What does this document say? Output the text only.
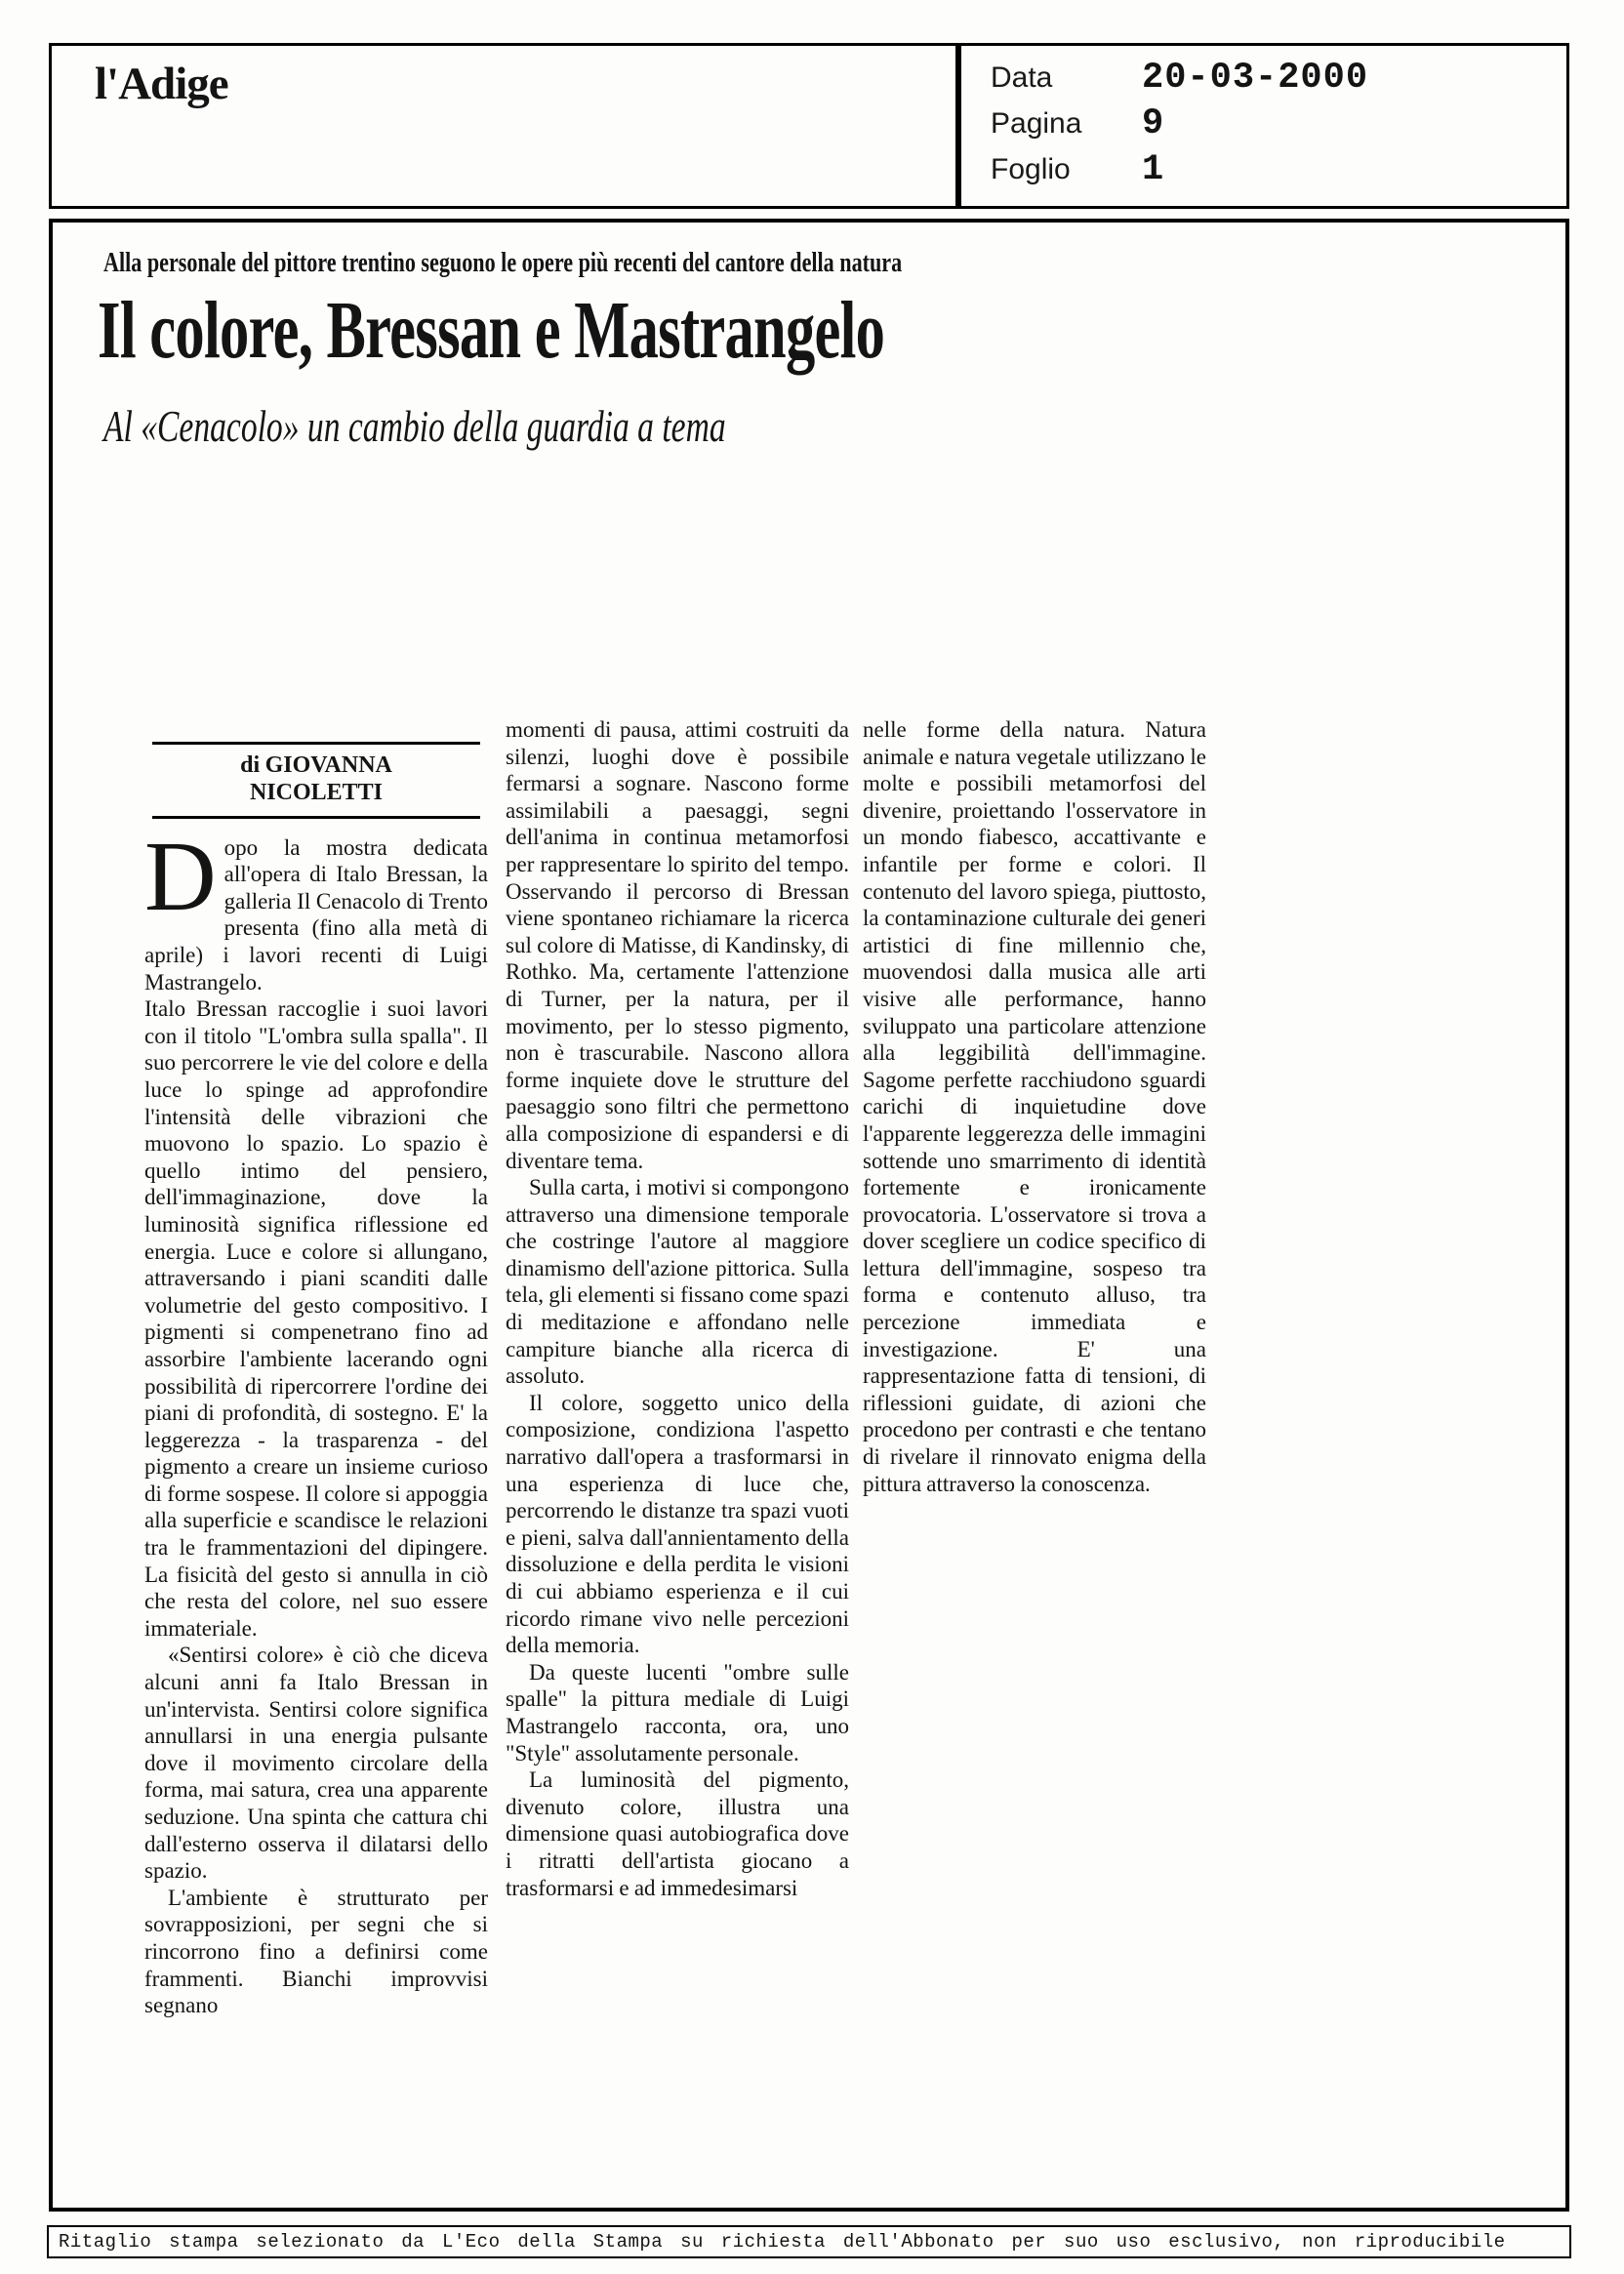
l'Adige	Data	20-03-2000
Pagina	9
Foglio	1
Alla personale del pittore trentino seguono le opere più recenti del cantore della natura
Il colore, Bressan e Mastrangelo
Al «Cenacolo» un cambio della guardia a tema
di GIOVANNA
NICOLETTI

Dopo la mostra dedicata all'opera di Italo Bressan, la galleria Il Cenacolo di Trento presenta (fino alla metà di aprile) i lavori recenti di Luigi Mastrangelo.

Italo Bressan raccoglie i suoi lavori con il titolo "L'ombra sulla spalla". Il suo percorrere le vie del colore e della luce lo spinge ad approfondire l'intensità delle vibrazioni che muovono lo spazio. Lo spazio è quello intimo del pensiero, dell'immaginazione, dove la luminosità significa riflessione ed energia. Luce e colore si allungano, attraversando i piani scanditi dalle volumetrie del gesto compositivo. I pigmenti si compenetrano fino ad assorbire l'ambiente lacerando ogni possibilità di ripercorrere l'ordine dei piani di profondità, di sostegno. E' la leggerezza - la trasparenza - del pigmento a creare un insieme curioso di forme sospese. Il colore si appoggia alla superficie e scandisce le relazioni tra le frammentazioni del dipingere. La fisicità del gesto si annulla in ciò che resta del colore, nel suo essere immateriale.

«Sentirsi colore» è ciò che diceva alcuni anni fa Italo Bressan in un'intervista. Sentirsi colore significa annullarsi in una energia pulsante dove il movimento circolare della forma, mai satura, crea una apparente seduzione. Una spinta che cattura chi dall'esterno osserva il dilatarsi dello spazio.

L'ambiente è strutturato per sovrapposizioni, per segni che si rincorrono fino a definirsi come frammenti. Bianchi improvvisi segnano

momenti di pausa, attimi costruiti da silenzi, luoghi dove è possibile fermarsi a sognare. Nascono forme assimilabili a paesaggi, segni dell'anima in continua metamorfosi per rappresentare lo spirito del tempo. Osservando il percorso di Bressan viene spontaneo richiamare la ricerca sul colore di Matisse, di Kandinsky, di Rothko. Ma, certamente l'attenzione di Turner, per la natura, per il movimento, per lo stesso pigmento, non è trascurabile. Nascono allora forme inquiete dove le strutture del paesaggio sono filtri che permettono alla composizione di espandersi e di diventare tema.

Sulla carta, i motivi si compongono attraverso una dimensione temporale che costringe l'autore al maggiore dinamismo dell'azione pittorica. Sulla tela, gli elementi si fissano come spazi di meditazione e affondano nelle campiture bianche alla ricerca di assoluto.

Il colore, soggetto unico della composizione, condiziona l'aspetto narrativo dall'opera a trasformarsi in una esperienza di luce che, percorrendo le distanze tra spazi vuoti e pieni, salva dall'annientamento della dissoluzione e della perdita le visioni di cui abbiamo esperienza e il cui ricordo rimane vivo nelle percezioni della memoria.

Da queste lucenti "ombre sulle spalle" la pittura mediale di Luigi Mastrangelo racconta, ora, uno "Style" assolutamente personale.

La luminosità del pigmento, divenuto colore, illustra una dimensione quasi autobiografica dove i ritratti dell'artista giocano a trasformarsi e ad immedesimarsi

nelle forme della natura. Natura animale e natura vegetale utilizzano le molte e possibili metamorfosi del divenire, proiettando l'osservatore in un mondo fiabesco, accattivante e infantile per forme e colori. Il contenuto del lavoro spiega, piuttosto, la contaminazione culturale dei generi artistici di fine millennio che, muovendosi dalla musica alle arti visive alle performance, hanno sviluppato una particolare attenzione alla leggibilità dell'immagine. Sagome perfette racchiudono sguardi carichi di inquietudine dove l'apparente leggerezza delle immagini sottende uno smarrimento di identità fortemente e ironicamente provocatoria. L'osservatore si trova a dover scegliere un codice specifico di lettura dell'immagine, sospeso tra forma e contenuto alluso, tra percezione immediata e investigazione. E' una rappresentazione fatta di tensioni, di riflessioni guidate, di azioni che procedono per contrasti e che tentano di rivelare il rinnovato enigma della pittura attraverso la conoscenza.

Ritaglio stampa selezionato da L'Eco della Stampa su richiesta dell'Abbonato per suo uso esclusivo, non riproducibile
